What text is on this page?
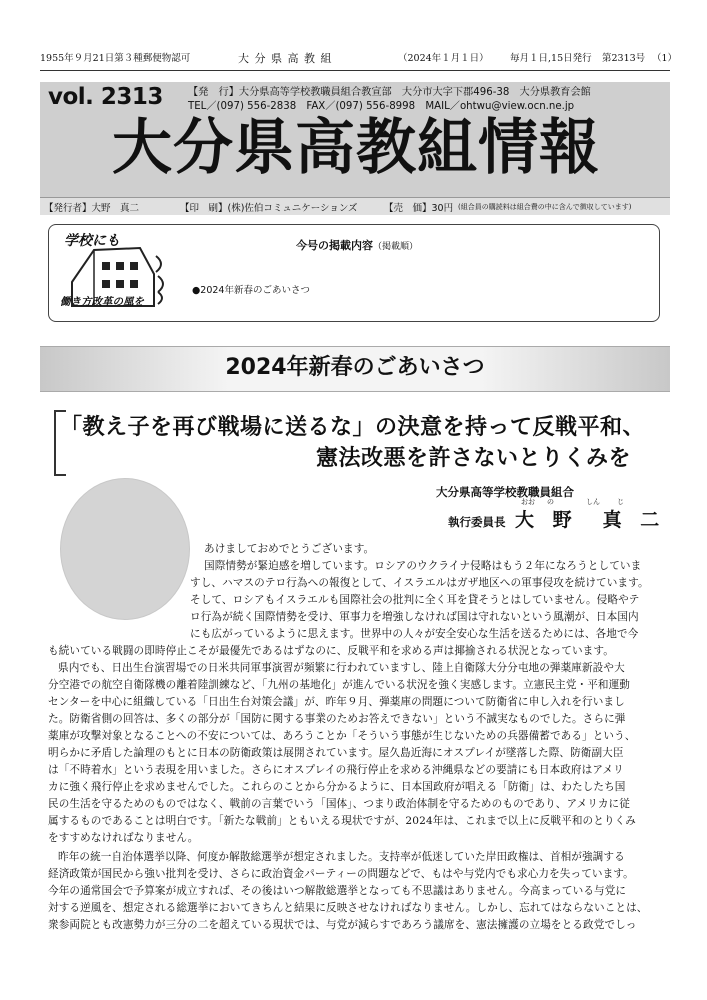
1955年９月21日第３種郵便物認可	大 分 県 高 教 組	（2024年１月１日） 毎月１日,15日発行 第2313号 （1）
vol. 2313 【発　行】大分県高等学校教職員組合教宣部　大分市大字下郡496-38　大分県教育会館
TEL／(097) 556-2838　FAX／(097) 556-8998　MAIL／ohtwu@view.ocn.ne.jp
大分県高教組情報
【発行者】大野　真二	【印　刷】(株)佐伯コミュニケーションズ	【売　価】30円 (組合員の購読料は組合費の中に含んで徴収しています)
学校にも
働き方改革の風を
今号の掲載内容（掲載順）
●2024年新春のごあいさつ
2024年新春のごあいさつ
「教え子を再び戦場に送るな」の決意を持って反戦平和、
憲法改悪を許さないとりくみを
大分県高等学校教職員組合
おお の	しん じ
執行委員長 大 野　真 二
あけましておめでとうございます。
国際情勢が緊迫感を増しています。ロシアのウクライナ侵略はもう２年になろうとしていま
すし、ハマスのテロ行為への報復として、イスラエルはガザ地区への軍事侵攻を続けています。
そして、ロシアもイスラエルも国際社会の批判に全く耳を貸そうとはしていません。侵略やテ
ロ行為が続く国際情勢を受け、軍事力を増強しなければ国は守れないという風潮が、日本国内
にも広がっているように思えます。世界中の人々が安全安心な生活を送るためには、各地で今
も続いている戦闘の即時停止こそが最優先であるはずなのに、反戦平和を求める声は揶揄される状況となっています。
県内でも、日出生台演習場での日米共同軍事演習が頻繁に行われていますし、陸上自衛隊大分分屯地の弾薬庫新設や大
分空港での航空自衛隊機の離着陸訓練など、「九州の基地化」が進んでいる状況を強く実感します。立憲民主党・平和運動
センターを中心に組織している「日出生台対策会議」が、昨年９月、弾薬庫の問題について防衛省に申し入れを行いまし
た。防衛省側の回答は、多くの部分が「国防に関する事業のためお答えできない」という不誠実なものでした。さらに弾
薬庫が攻撃対象となることへの不安については、あろうことか「そういう事態が生じないための兵器備蓄である」という、
明らかに矛盾した論理のもとに日本の防衛政策は展開されています。屋久島近海にオスプレイが墜落した際、防衛副大臣
は「不時着水」という表現を用いました。さらにオスプレイの飛行停止を求める沖縄県などの要請にも日本政府はアメリ
カに強く飛行停止を求めませんでした。これらのことから分かるように、日本国政府が唱える「防衛」は、わたしたち国
民の生活を守るためのものではなく、戦前の言葉でいう「国体」、つまり政治体制を守るためのものであり、アメリカに従
属するものであることは明白です。「新たな戦前」ともいえる現状ですが、2024年は、これまで以上に反戦平和のとりくみ
をすすめなければなりません。
昨年の統一自治体選挙以降、何度か解散総選挙が想定されました。支持率が低迷していた岸田政権は、首相が強調する
経済政策が国民から強い批判を受け、さらに政治資金パーティーの問題などで、もはや与党内でも求心力を失っています。
今年の通常国会で予算案が成立すれば、その後はいつ解散総選挙となっても不思議はありません。今高まっている与党に
対する逆風を、想定される総選挙においてきちんと結果に反映させなければなりません。しかし、忘れてはならないことは、
衆参両院とも改憲勢力が三分の二を超えている現状では、与党が減らすであろう議席を、憲法擁護の立場をとる政党でしっ
